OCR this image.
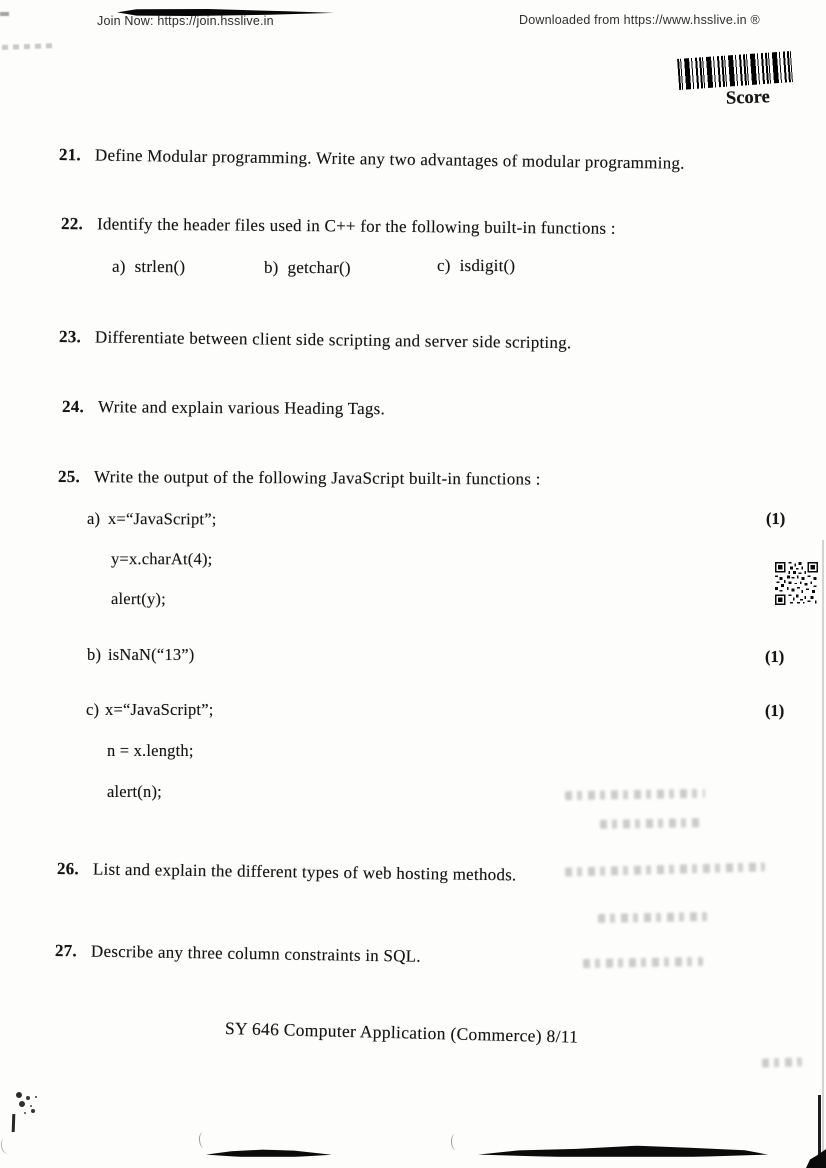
Join Now: https://join.hsslive.in	Downloaded from https://www.hsslive.in ®
Score
21. Define Modular programming. Write any two advantages of modular programming.
22. Identify the header files used in C++ for the following built-in functions :
a) strlen()	b) getchar()	c) isdigit()
23. Differentiate between client side scripting and server side scripting.
24. Write and explain various Heading Tags.
25. Write the output of the following JavaScript built-in functions :
a) x=“JavaScript”;
y=x.charAt(4);
alert(y);
(1)
b) isNaN(“13”)	(1)
c) x=“JavaScript”;
n = x.length;
alert(n);
(1)
26. List and explain the different types of web hosting methods.
27. Describe any three column constraints in SQL.
SY 646 Computer Application (Commerce) 8/11
